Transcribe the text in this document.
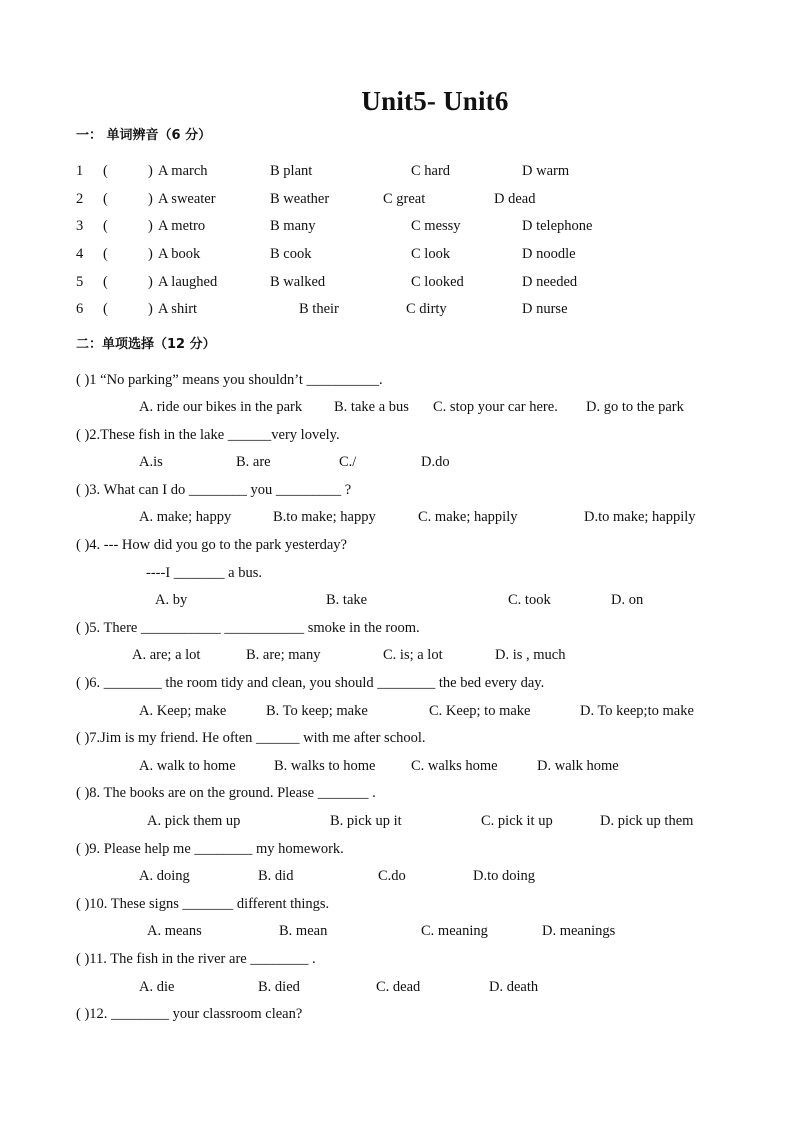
Unit5- Unit6
一： 单词辨音（6 分）
1 (	) A march	B plant	C hard	D warm
2 (	) A sweater	B weather	C great	D dead
3 (	) A metro	B many	C messy	D telephone
4 (	) A book	B cook	C look	D noodle
5 (	) A laughed	B walked	C looked	D needed
6 (	) A shirt	B their	C dirty	D nurse
二：单项选择（12 分）
( )1 “No parking” means you shouldn’t __________.
A. ride our bikes in the park B. take a bus C. stop your car here. D. go to the park
( )2.These fish in the lake ______very lovely.
A.is	B. are	C./	D.do
( )3. What can I do ________ you _________ ?
A. make; happy	B.to make; happy	C. make; happily	D.to make; happily
( )4. --- How did you go to the park yesterday?
----I _______ a bus.
A. by	B. take	C. took	D. on
( )5. There ___________ ___________ smoke in the room.
A. are; a lot	B. are; many	C. is; a lot	D. is , much
( )6. ________ the room tidy and clean, you should ________ the bed every day.
A. Keep; make	B. To keep; make	C. Keep; to make	D. To keep;to make
( )7.Jim is my friend. He often ______ with me after school.
A. walk to home	B. walks to home C. walks home	D. walk home
( )8. The books are on the ground. Please _______ .
A. pick them up	B. pick up it	C. pick it up	D. pick up them
( )9. Please help me ________ my homework.
A. doing	B. did	C.do	D.to doing
( )10. These signs _______ different things.
A. means	B. mean	C. meaning	D. meanings
( )11. The fish in the river are ________ .
A. die	B. died	C. dead	D. death
( )12. ________ your classroom clean?
